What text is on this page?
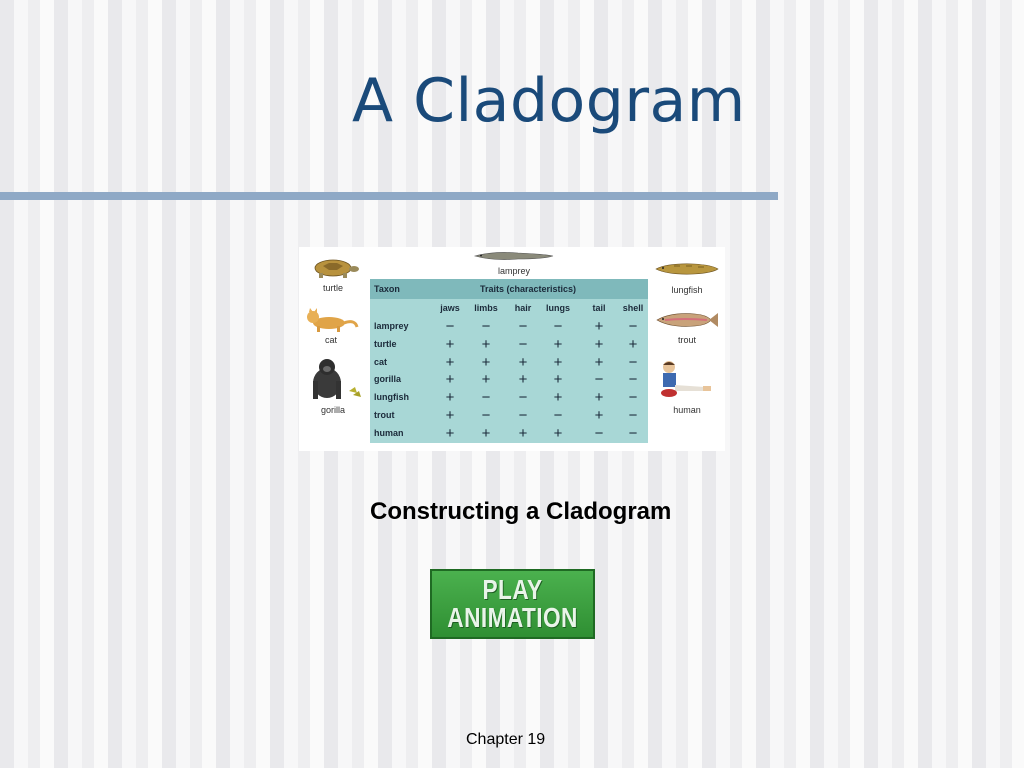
A Cladogram
lamprey
turtle
cat
gorilla
lungfish
trout
human
Taxon	Traits (characteristics)
jaws	limbs	hair	lungs	tail	shell
lamprey	−	−	−	−	+	−
turtle	+	+	−	+	+	+
cat	+	+	+	+	+	−
gorilla	+	+	+	+	−	−
lungfish	+	−	−	+	+	−
trout	+	−	−	−	+	−
human	+	+	+	+	−	−
Constructing a Cladogram
PLAY
ANIMATION
Chapter 19
